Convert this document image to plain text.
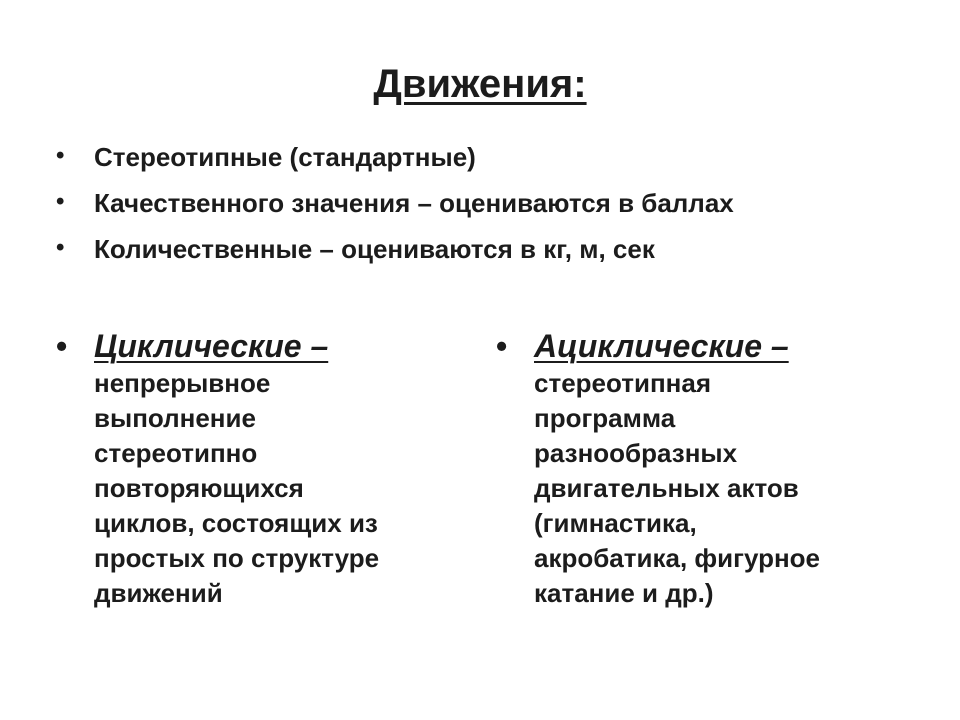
Движения:
• Стереотипные (стандартные)
• Качественного значения – оцениваются в баллах
• Количественные – оцениваются в кг, м, сек
• Циклические –
непрерывное
выполнение
стереотипно
повторяющихся
циклов, состоящих из
простых по структуре
движений
• Ациклические –
стереотипная
программа
разнообразных
двигательных актов
(гимнастика,
акробатика, фигурное
катание и др.)
